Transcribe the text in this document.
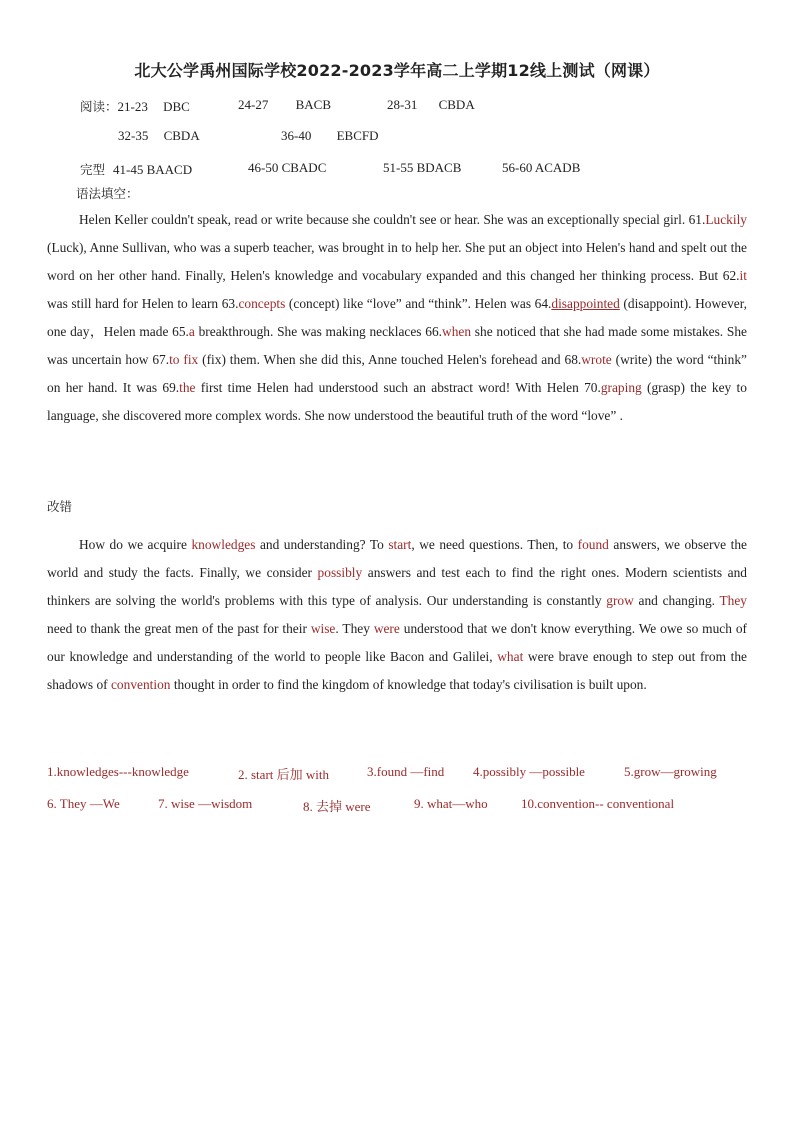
北大公学禹州国际学校2022-2023学年高二上学期12线上测试（网课）
阅读：21-23 DBC	24-27 BACB	28-31 CBDA
32-35 CBDA	36-40 EBCFD
完型 41-45 BAACD	46-50 CBADC	51-55 BDACB	56-60 ACADB
语法填空：

Helen Keller couldn't speak, read or write because she couldn't see or hear. She was an exceptionally special girl. 61.Luckily (Luck), Anne Sullivan, who was a superb teacher, was brought in to help her. She put an object into Helen's hand and spelt out the word on her other hand. Finally, Helen's knowledge and vocabulary expanded and this changed her thinking process. But 62.it was still hard for Helen to learn 63.concepts (concept) like “love” and “think”. Helen was 64.disappointed (disappoint). However, one day，Helen made 65.a breakthrough. She was making necklaces 66.when she noticed that she had made some mistakes. She was uncertain how 67.to fix (fix) them. When she did this, Anne touched Helen's forehead and 68.wrote (write) the word “think” on her hand. It was 69.the first time Helen had understood such an abstract word! With Helen 70.graping (grasp) the key to language, she discovered more complex words. She now understood the beautiful truth of the word “love” .

改错

How do we acquire knowledges and understanding? To start, we need questions. Then, to found answers, we observe the world and study the facts. Finally, we consider possibly answers and test each to find the right ones. Modern scientists and thinkers are solving the world's problems with this type of analysis. Our understanding is constantly grow and changing. They need to thank the great men of the past for their wise. They were understood that we don't know everything. We owe so much of our knowledge and understanding of the world to people like Bacon and Galilei, what were brave enough to step out from the shadows of convention thought in order to find the kingdom of knowledge that today's civilisation is built upon.

1.knowledges---knowledge	2. start 后加 with	3.found —find 4.possibly —possible	5.grow—growing
6. They —We	7. wise —wisdom	8. 去掉 were	9. what—who	10.convention-- conventional
